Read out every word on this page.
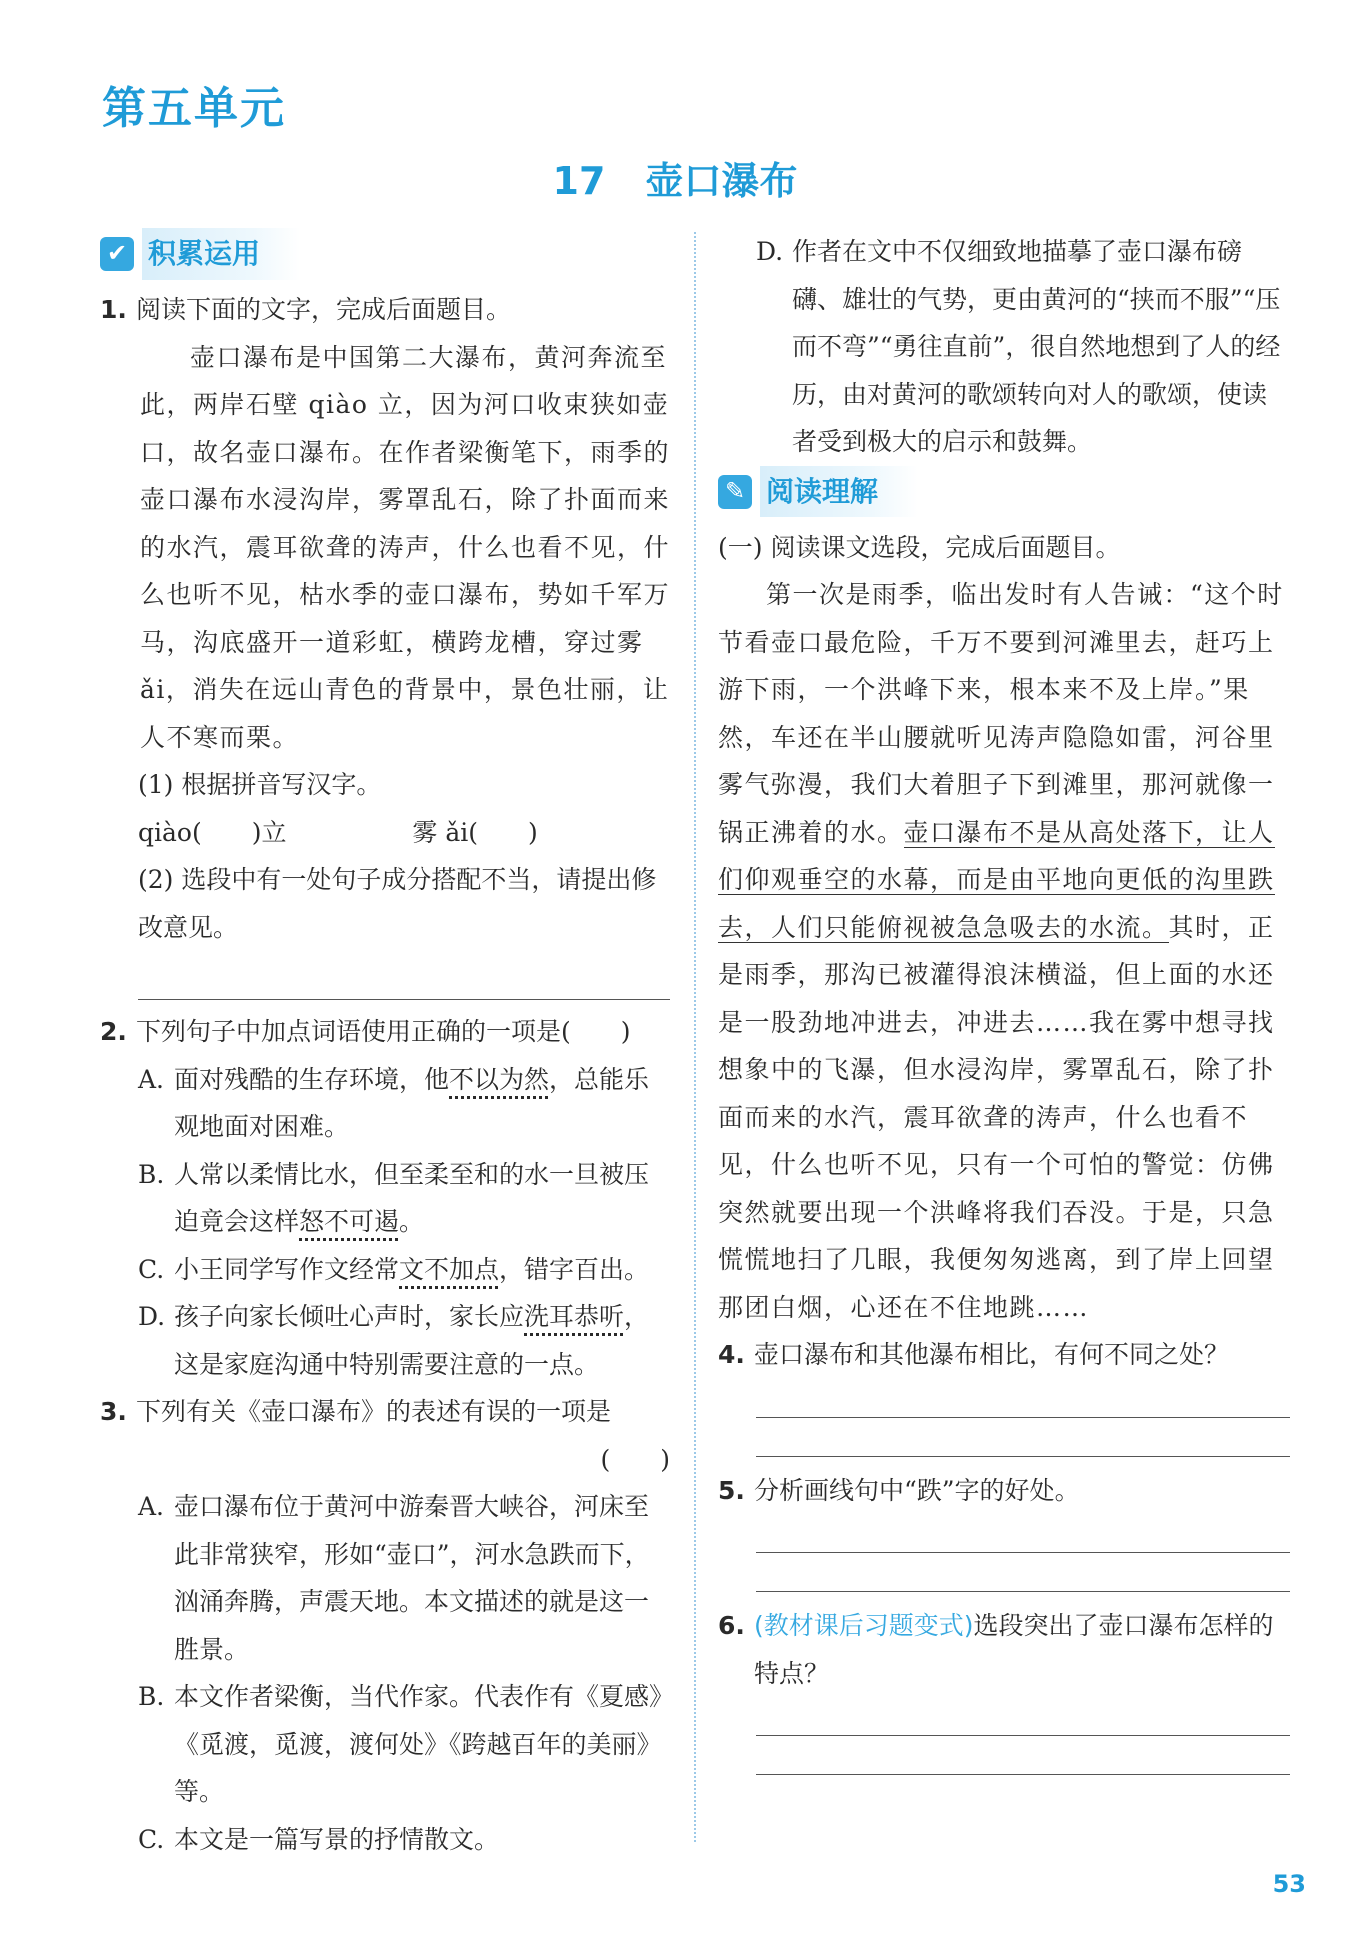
第五单元
17 壶口瀑布
✔ 积累运用
1. 阅读下面的文字，完成后面题目。
壶口瀑布是中国第二大瀑布，黄河奔流至此，两岸石壁 qiào 立，因为河口收束狭如壶口，故名壶口瀑布。在作者梁衡笔下，雨季的壶口瀑布水浸沟岸，雾罩乱石，除了扑面而来的水汽，震耳欲聋的涛声，什么也看不见，什么也听不见，枯水季的壶口瀑布，势如千军万马，沟底盛开一道彩虹，横跨龙槽，穿过雾 ǎi，消失在远山青色的背景中，景色壮丽，让人不寒而栗。
(1) 根据拼音写汉字。
qiào(　　)立	雾 ǎi(　　)
(2) 选段中有一处句子成分搭配不当，请提出修改意见。
2. 下列句子中加点词语使用正确的一项是(　　)
A. 面对残酷的生存环境，他不以为然，总能乐观地面对困难。
B. 人常以柔情比水，但至柔至和的水一旦被压迫竟会这样怒不可遏。
C. 小王同学写作文经常文不加点，错字百出。
D. 孩子向家长倾吐心声时，家长应洗耳恭听，这是家庭沟通中特别需要注意的一点。
3. 下列有关《壶口瀑布》的表述有误的一项是
(　　)
A. 壶口瀑布位于黄河中游秦晋大峡谷，河床至此非常狭窄，形如“壶口”，河水急跌而下，汹涌奔腾，声震天地。本文描述的就是这一胜景。
B. 本文作者梁衡，当代作家。代表作有《夏感》《觅渡，觅渡，渡何处》《跨越百年的美丽》等。
C. 本文是一篇写景的抒情散文。
D. 作者在文中不仅细致地描摹了壶口瀑布磅礴、雄壮的气势，更由黄河的“挟而不服”“压而不弯”“勇往直前”，很自然地想到了人的经历，由对黄河的歌颂转向对人的歌颂，使读者受到极大的启示和鼓舞。
✎ 阅读理解
(一) 阅读课文选段，完成后面题目。
第一次是雨季，临出发时有人告诫：“这个时节看壶口最危险，千万不要到河滩里去，赶巧上游下雨，一个洪峰下来，根本来不及上岸。”果然，车还在半山腰就听见涛声隐隐如雷，河谷里雾气弥漫，我们大着胆子下到滩里，那河就像一锅正沸着的水。壶口瀑布不是从高处落下，让人们仰观垂空的水幕，而是由平地向更低的沟里跌去，人们只能俯视被急急吸去的水流。其时，正是雨季，那沟已被灌得浪沫横溢，但上面的水还是一股劲地冲进去，冲进去……我在雾中想寻找想象中的飞瀑，但水浸沟岸，雾罩乱石，除了扑面而来的水汽，震耳欲聋的涛声，什么也看不见，什么也听不见，只有一个可怕的警觉：仿佛突然就要出现一个洪峰将我们吞没。于是，只急慌慌地扫了几眼，我便匆匆逃离，到了岸上回望那团白烟，心还在不住地跳……
4. 壶口瀑布和其他瀑布相比，有何不同之处？
5. 分析画线句中“跌”字的好处。
6. (教材课后习题变式)选段突出了壶口瀑布怎样的特点？
53
